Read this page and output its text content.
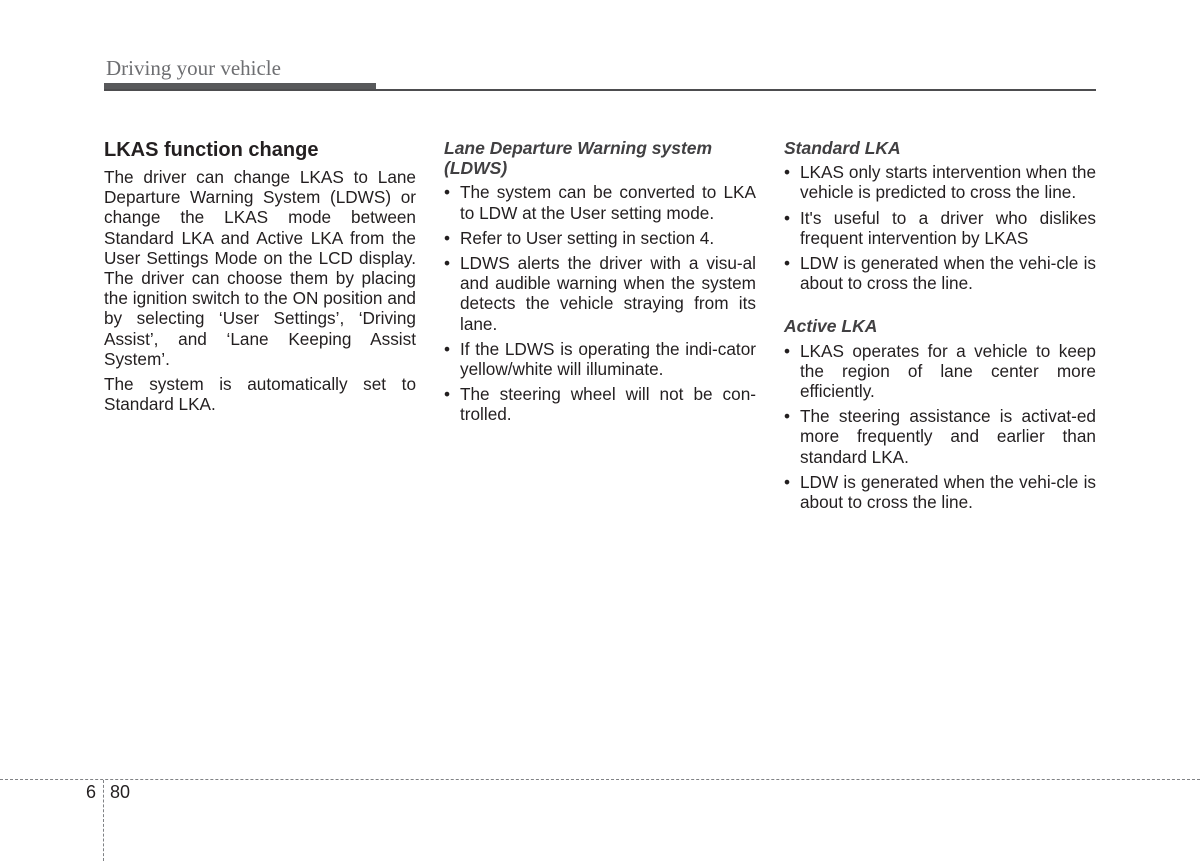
Driving your vehicle
LKAS function change

The driver can change LKAS to Lane Departure Warning System (LDWS) or change the LKAS mode between Standard LKA and Active LKA from the User Settings Mode on the LCD display. The driver can choose them by placing the ignition switch to the ON position and by selecting ‘User Settings’, ‘Driving Assist’, and ‘Lane Keeping Assist System’.

The system is automatically set to Standard LKA.

Lane Departure Warning system (LDWS)
• The system can be converted to LKA to LDW at the User setting mode.
• Refer to User setting in section 4.
• LDWS alerts the driver with a visu-al and audible warning when the system detects the vehicle straying from its lane.
• If the LDWS is operating the indi-cator yellow/white will illuminate.
• The steering wheel will not be con-trolled.
Standard LKA
• LKAS only starts intervention when the vehicle is predicted to cross the line.
• It's useful to a driver who dislikes frequent intervention by LKAS
• LDW is generated when the vehi-cle is about to cross the line.
Active LKA
• LKAS operates for a vehicle to keep the region of lane center more efficiently.
• The steering assistance is activat-ed more frequently and earlier than standard LKA.
• LDW is generated when the vehi-cle is about to cross the line.
6 80
